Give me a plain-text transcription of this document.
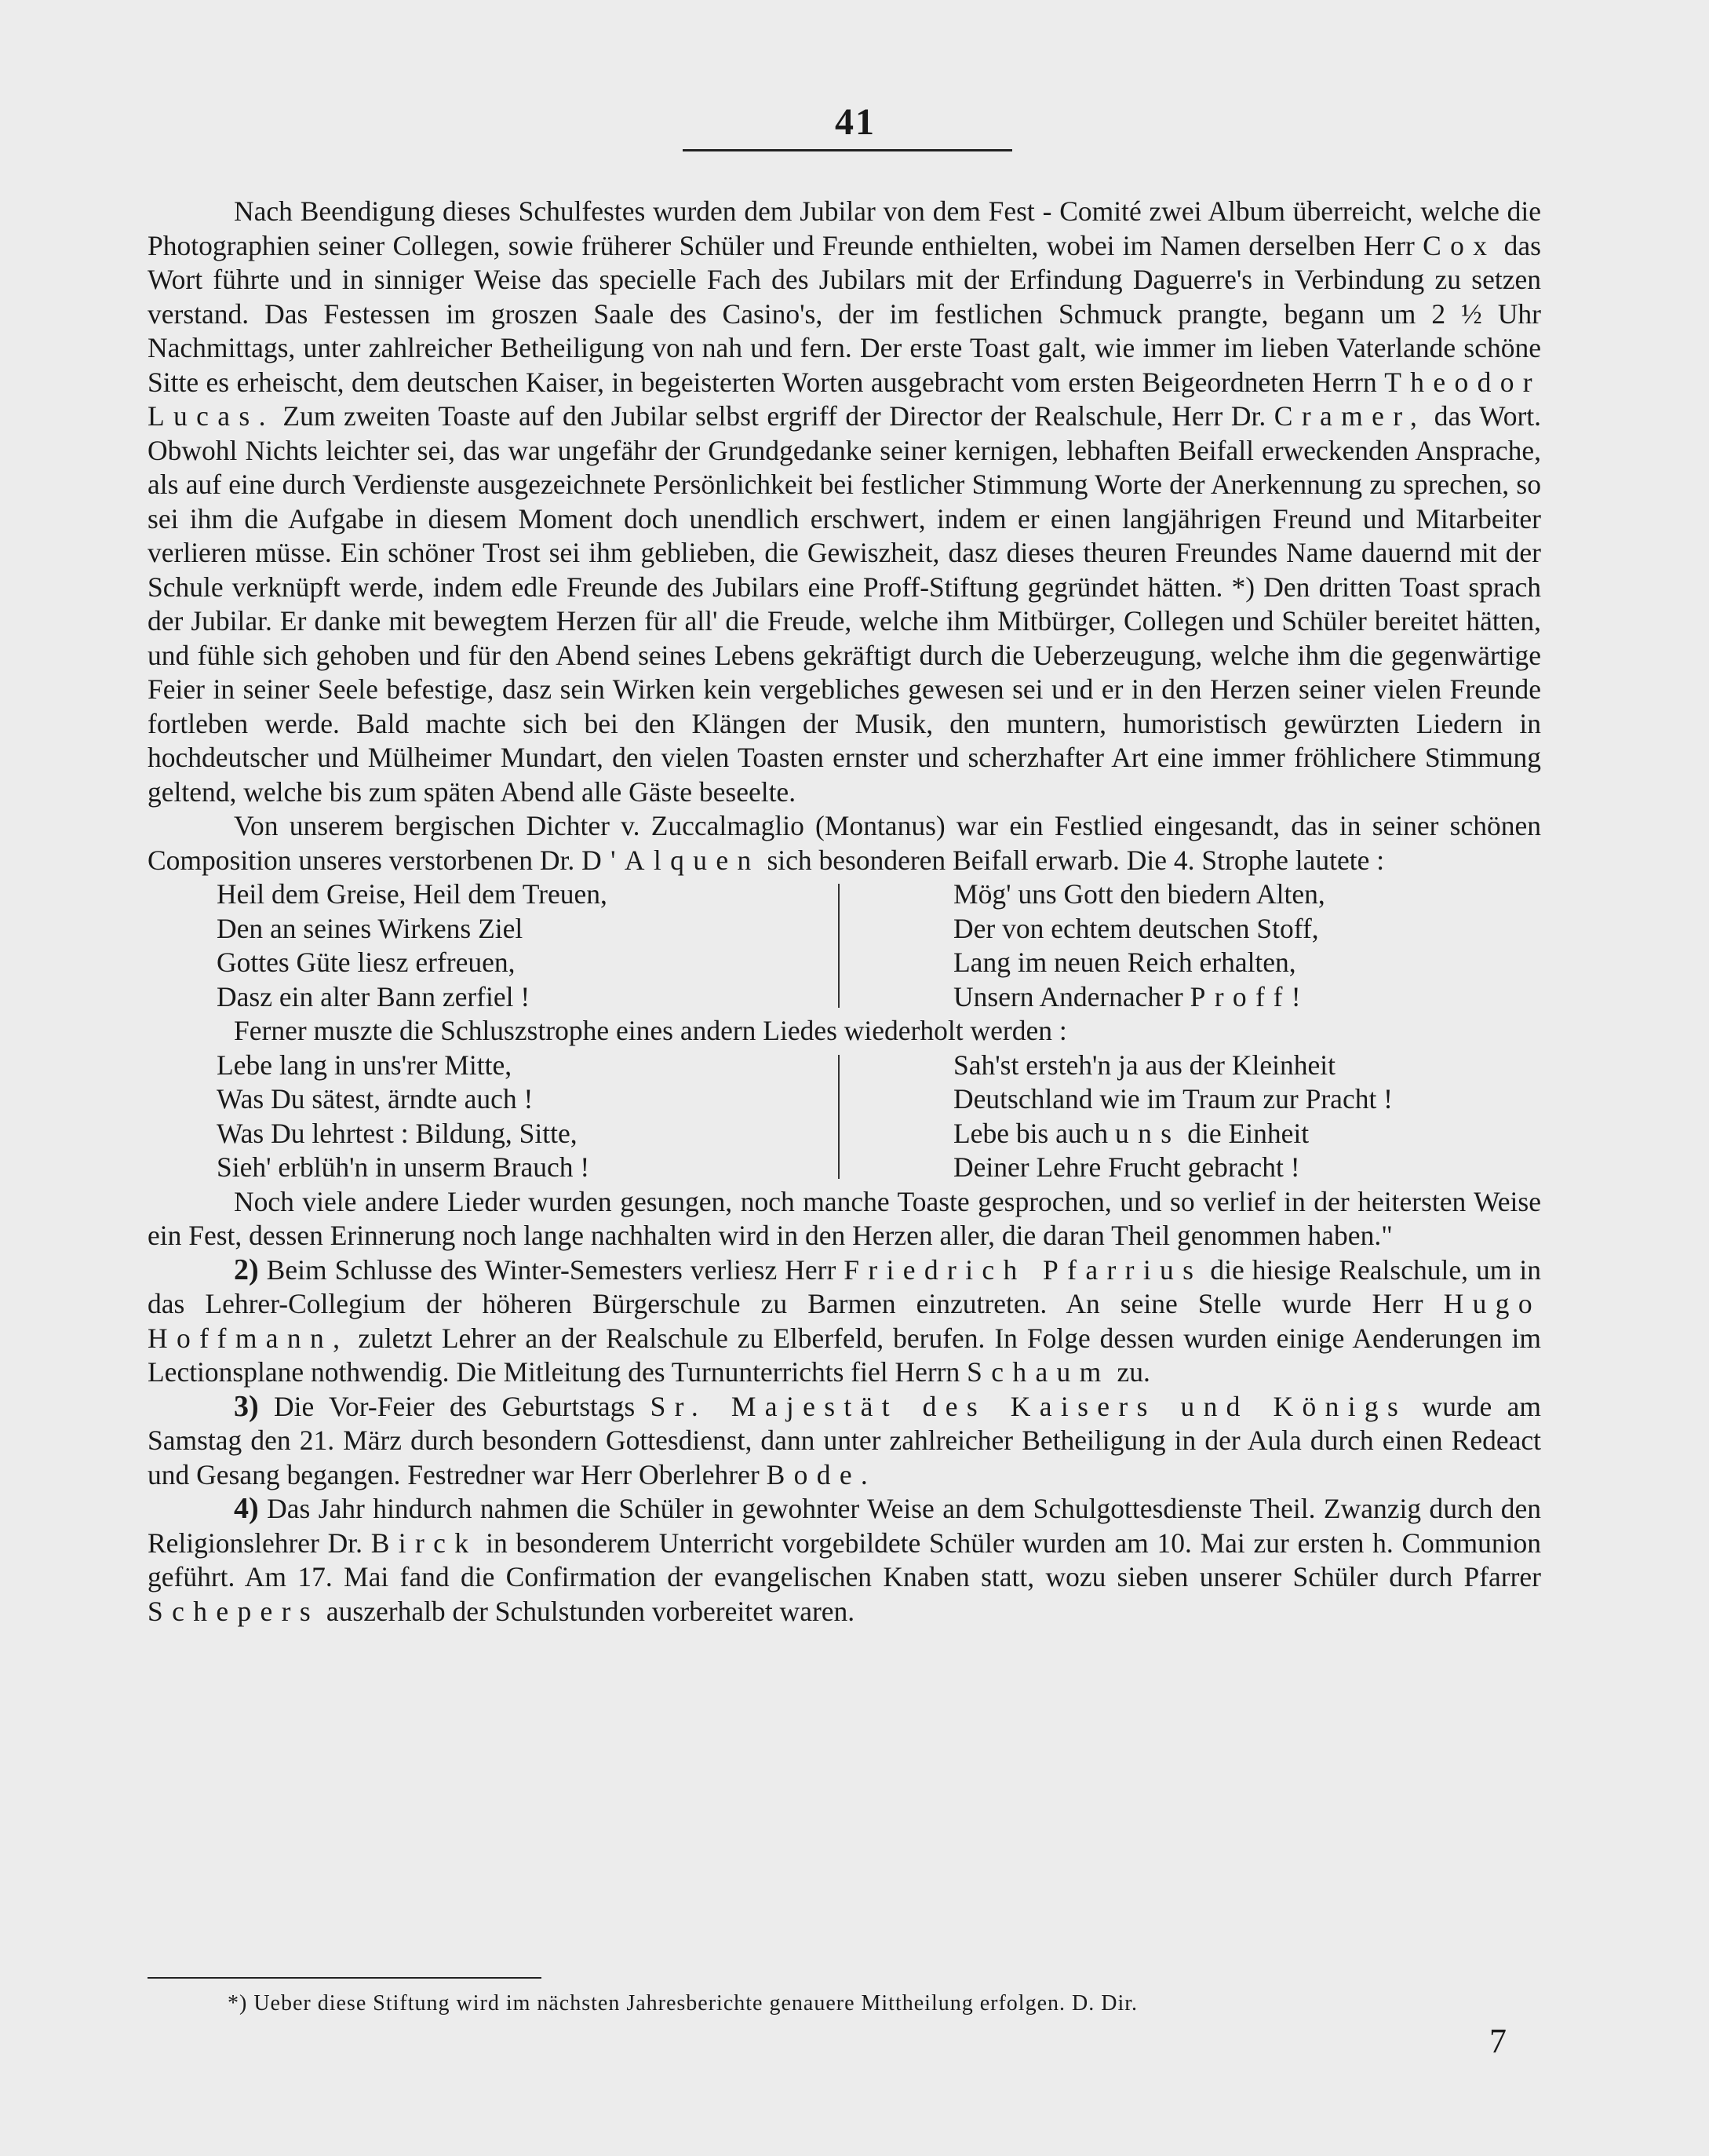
41

Nach Beendigung dieses Schulfestes wurden dem Jubilar von dem Fest - Comité zwei Album überreicht, welche die Photographien seiner Collegen, sowie früherer Schüler und Freunde enthielten, wobei im Namen derselben Herr Cox das Wort führte und in sinniger Weise das specielle Fach des Jubilars mit der Erfindung Daguerre's in Verbindung zu setzen verstand. Das Festessen im groszen Saale des Casino's, der im festlichen Schmuck prangte, begann um 2 ½ Uhr Nachmittags, unter zahlreicher Betheiligung von nah und fern. Der erste Toast galt, wie immer im lieben Vaterlande schöne Sitte es erheischt, dem deutschen Kaiser, in begeisterten Worten ausgebracht vom ersten Beigeordneten Herrn Theodor Lucas. Zum zweiten Toaste auf den Jubilar selbst ergriff der Director der Realschule, Herr Dr. Cramer, das Wort. Obwohl Nichts leichter sei, das war ungefähr der Grundgedanke seiner kernigen, lebhaften Beifall erweckenden Ansprache, als auf eine durch Verdienste ausgezeichnete Persönlichkeit bei festlicher Stimmung Worte der Anerkennung zu sprechen, so sei ihm die Aufgabe in diesem Moment doch unendlich erschwert, indem er einen langjährigen Freund und Mitarbeiter verlieren müsse. Ein schöner Trost sei ihm geblieben, die Gewiszheit, dasz dieses theuren Freundes Name dauernd mit der Schule verknüpft werde, indem edle Freunde des Jubilars eine Proff-Stiftung gegründet hätten. *) Den dritten Toast sprach der Jubilar. Er danke mit bewegtem Herzen für all' die Freude, welche ihm Mitbürger, Collegen und Schüler bereitet hätten, und fühle sich gehoben und für den Abend seines Lebens gekräftigt durch die Ueberzeugung, welche ihm die gegenwärtige Feier in seiner Seele befestige, dasz sein Wirken kein vergebliches gewesen sei und er in den Herzen seiner vielen Freunde fortleben werde. Bald machte sich bei den Klängen der Musik, den muntern, humoristisch gewürzten Liedern in hochdeutscher und Mülheimer Mundart, den vielen Toasten ernster und scherzhafter Art eine immer fröhlichere Stimmung geltend, welche bis zum späten Abend alle Gäste beseelte.

Von unserem bergischen Dichter v. Zuccalmaglio (Montanus) war ein Festlied eingesandt, das in seiner schönen Composition unseres verstorbenen Dr. D'Alquen sich besonderen Beifall erwarb. Die 4. Strophe lautete :

Heil dem Greise, Heil dem Treuen,
Den an seines Wirkens Ziel
Gottes Güte liesz erfreuen,
Dasz ein alter Bann zerfiel !
Mög' uns Gott den biedern Alten,
Der von echtem deutschen Stoff,
Lang im neuen Reich erhalten,
Unsern Andernacher Proff!

Ferner muszte die Schluszstrophe eines andern Liedes wiederholt werden :

Lebe lang in uns'rer Mitte,
Was Du sätest, ärndte auch !
Was Du lehrtest : Bildung, Sitte,
Sieh' erblüh'n in unserm Brauch !
Sah'st ersteh'n ja aus der Kleinheit
Deutschland wie im Traum zur Pracht !
Lebe bis auch uns die Einheit
Deiner Lehre Frucht gebracht !

Noch viele andere Lieder wurden gesungen, noch manche Toaste gesprochen, und so verlief in der heitersten Weise ein Fest, dessen Erinnerung noch lange nachhalten wird in den Herzen aller, die daran Theil genommen haben."

2) Beim Schlusse des Winter-Semesters verliesz Herr Friedrich Pfarrius die hiesige Realschule, um in das Lehrer-Collegium der höheren Bürgerschule zu Barmen einzutreten. An seine Stelle wurde Herr Hugo Hoffmann, zuletzt Lehrer an der Realschule zu Elberfeld, berufen. In Folge dessen wurden einige Aenderungen im Lectionsplane nothwendig. Die Mitleitung des Turnunterrichts fiel Herrn Schaum zu.

3) Die Vor-Feier des Geburtstags Sr. Majestät des Kaisers und Königs wurde am Samstag den 21. März durch besondern Gottesdienst, dann unter zahlreicher Betheiligung in der Aula durch einen Redeact und Gesang begangen. Festredner war Herr Oberlehrer Bode.

4) Das Jahr hindurch nahmen die Schüler in gewohnter Weise an dem Schulgottesdienste Theil. Zwanzig durch den Religionslehrer Dr. Birck in besonderem Unterricht vorgebildete Schüler wurden am 10. Mai zur ersten h. Communion geführt. Am 17. Mai fand die Confirmation der evangelischen Knaben statt, wozu sieben unserer Schüler durch Pfarrer Schepers auszerhalb der Schulstunden vorbereitet waren.

*) Ueber diese Stiftung wird im nächsten Jahresberichte genauere Mittheilung erfolgen. D. Dir.
7
